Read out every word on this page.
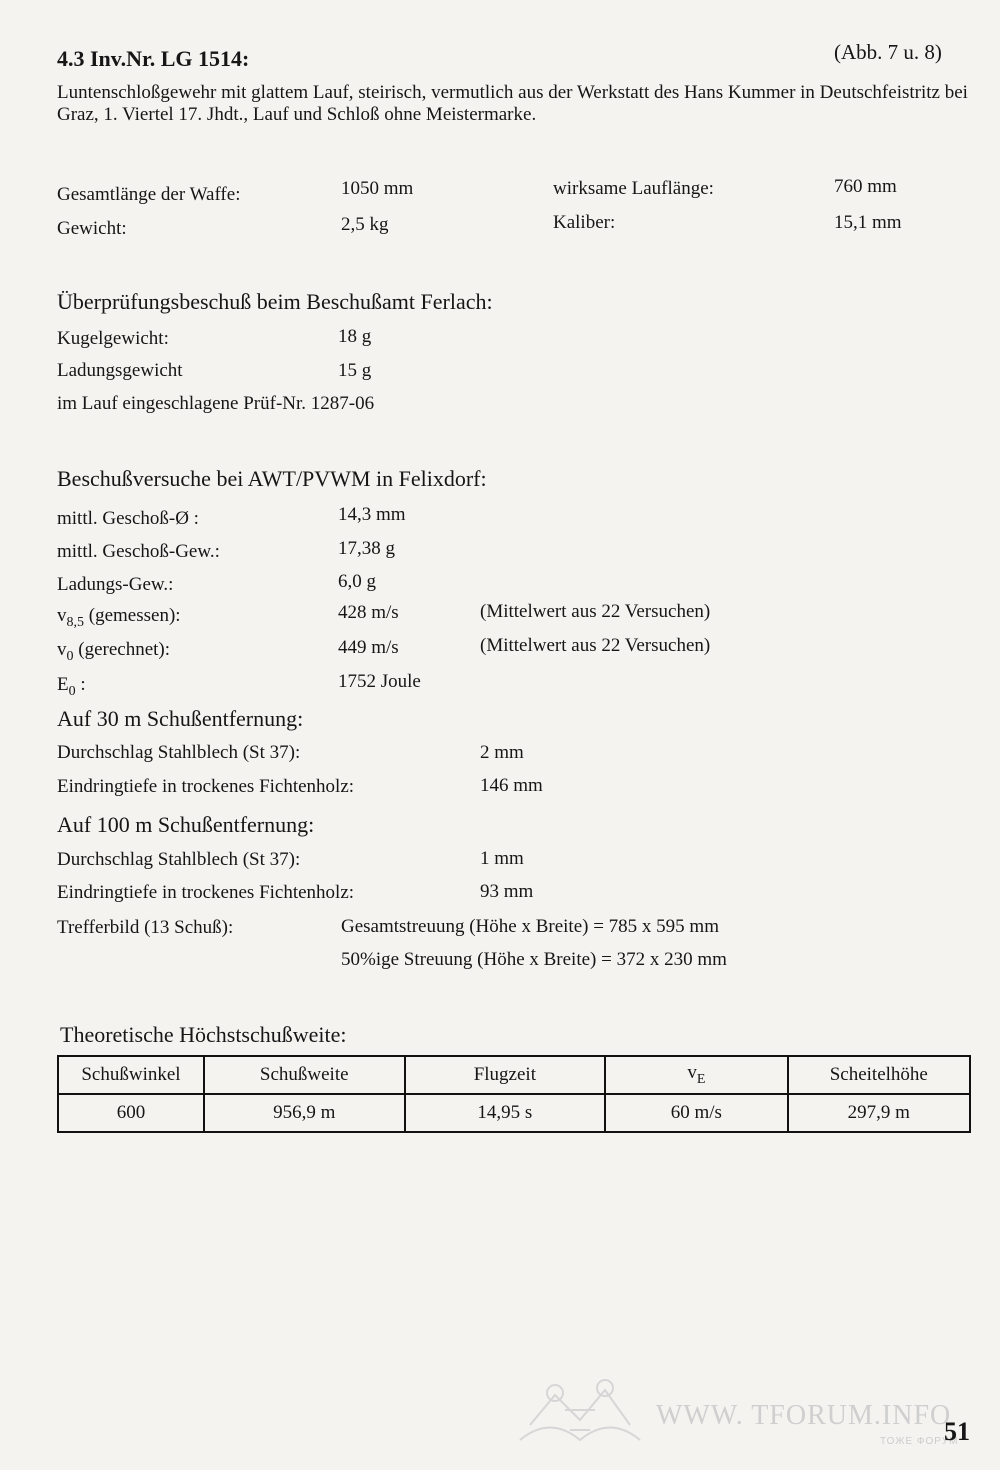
4.3 Inv.Nr. LG 1514:	(Abb. 7 u. 8)
Luntenschloßgewehr mit glattem Lauf, steirisch, vermutlich aus der Werkstatt des Hans Kummer in Deutschfeistritz bei Graz, 1. Viertel 17. Jhdt., Lauf und Schloß ohne Meistermarke.
Gesamtlänge der Waffe:	1050 mm	wirksame Lauflänge:	760 mm
Gewicht:	2,5 kg	Kaliber:	15,1 mm
Überprüfungsbeschuß beim Beschußamt Ferlach:
Kugelgewicht:	18 g
Ladungsgewicht	15 g
im Lauf eingeschlagene Prüf-Nr. 1287-06
Beschußversuche bei AWT/PVWM in Felixdorf:
mittl. Geschoß-Ø :	14,3 mm
mittl. Geschoß-Gew.:	17,38 g
Ladungs-Gew.:	6,0 g
$v_{8,5}$ (gemessen):	428 m/s	(Mittelwert aus 22 Versuchen)
$v_0$ (gerechnet):	449 m/s	(Mittelwert aus 22 Versuchen)
$E_0$ :	1752 Joule
Auf 30 m Schußentfernung:
Durchschlag Stahlblech (St 37):	2 mm
Eindringtiefe in trockenes Fichtenholz:	146 mm
Auf 100 m Schußentfernung:
Durchschlag Stahlblech (St 37):	1 mm
Eindringtiefe in trockenes Fichtenholz:	93 mm
Trefferbild (13 Schuß):	Gesamtstreuung (Höhe x Breite) = 785 x 595 mm
50%ige Streuung (Höhe x Breite) = 372 x 230 mm
Theoretische Höchstschußweite:
Schußwinkel	Schußweite	Flugzeit	$v_E$	Scheitelhöhe
600	956,9 m	14,95 s	60 m/s	297,9 m
WWW. TFORUM.INFO
ТОЖЕ ФОРУМ
51
